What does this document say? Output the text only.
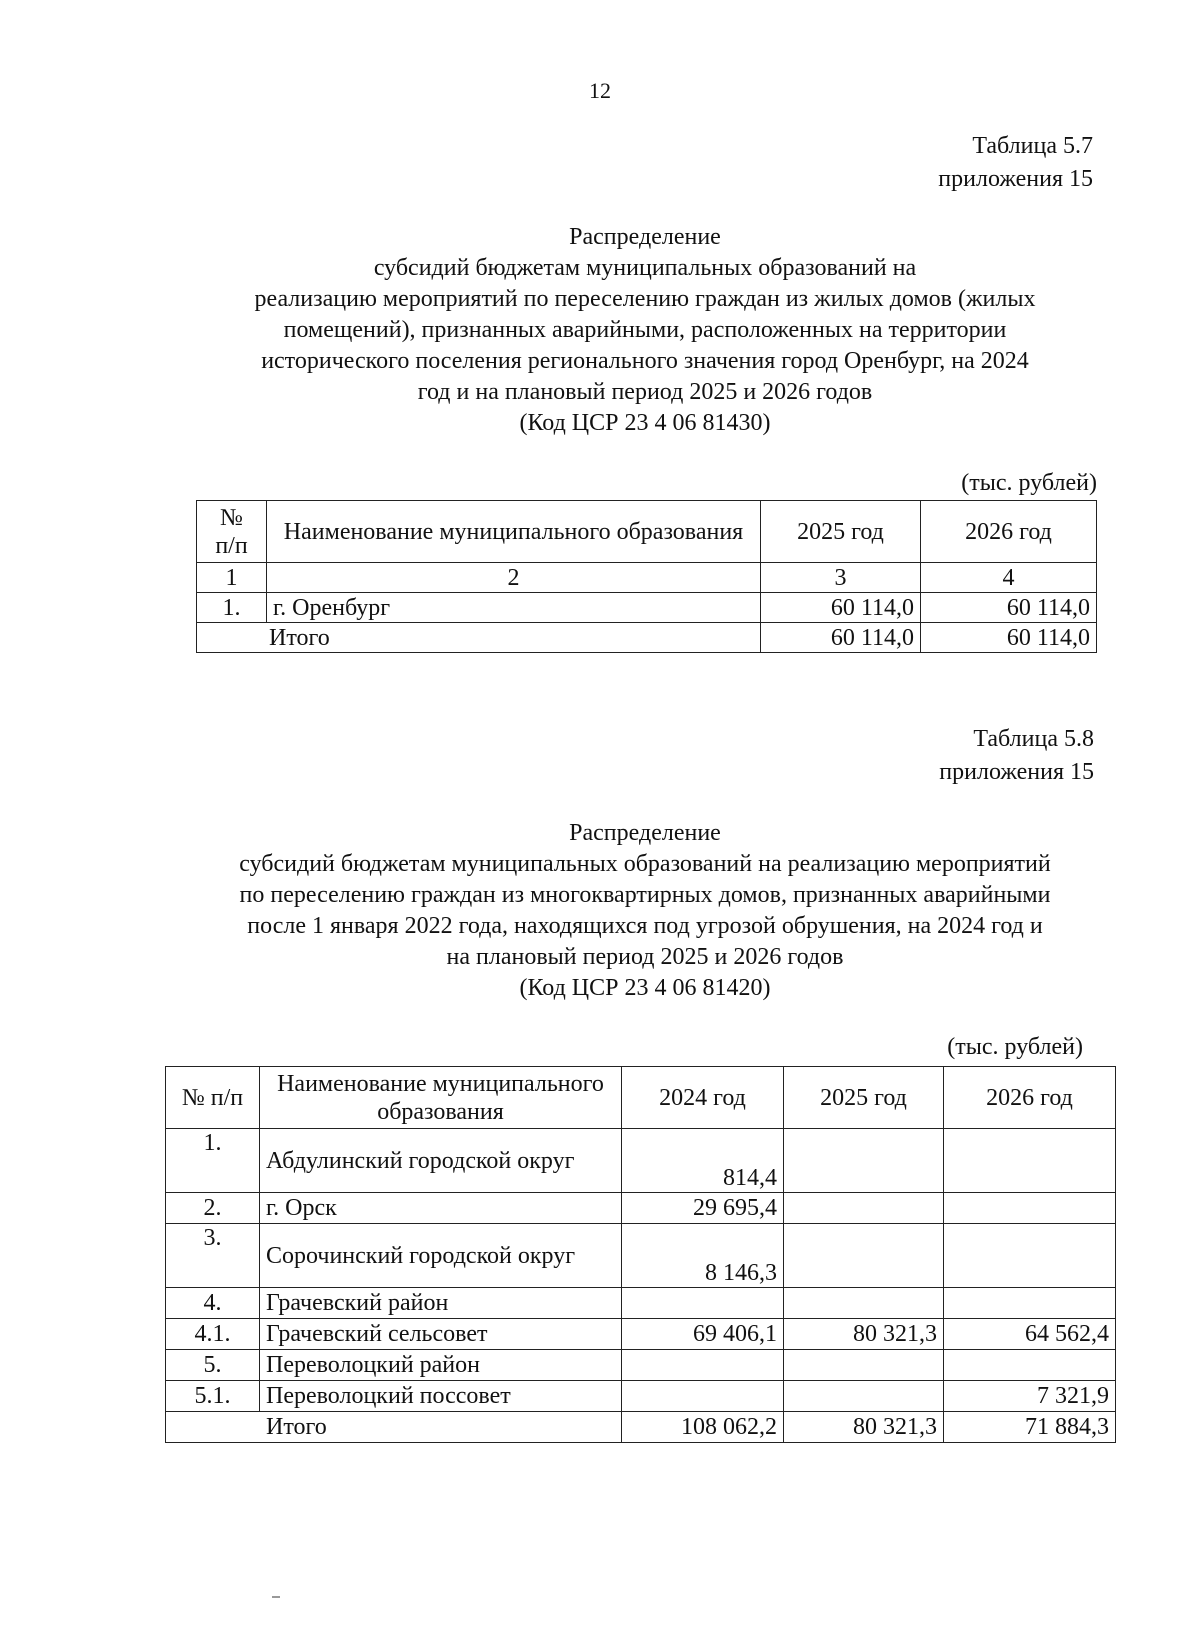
12
Таблица 5.7
приложения 15
Распределение
субсидий бюджетам муниципальных образований на
реализацию мероприятий по переселению граждан из жилых домов (жилых
помещений), признанных аварийными, расположенных на территории
исторического поселения регионального значения город Оренбург, на 2024
год и на плановый период 2025 и 2026 годов
(Код ЦСР 23 4 06 81430)
(тыс. рублей)
№
п/п	Наименование муниципального образования	2025 год	2026 год
1	2	3	4
1.	г. Оренбург	60 114,0	60 114,0
Итого		60 114,0	60 114,0
Таблица 5.8
приложения 15
Распределение
субсидий бюджетам муниципальных образований на реализацию мероприятий
по переселению граждан из многоквартирных домов, признанных аварийными
после 1 января 2022 года, находящихся под угрозой обрушения, на 2024 год и
на плановый период 2025 и 2026 годов
(Код ЦСР 23 4 06 81420)
(тыс. рублей)
№ п/п	Наименование муниципального образования	2024 год	2025 год	2026 год
1.	Абдулинский городской округ	814,4		
2.	г. Орск	29 695,4		
3.	Сорочинский городской округ	8 146,3		
4.	Грачевский район			
4.1.	Грачевский сельсовет	69 406,1	80 321,3	64 562,4
5.	Переволоцкий район			
5.1.	Переволоцкий поссовет			7 321,9
Итого		108 062,2	80 321,3	71 884,3
